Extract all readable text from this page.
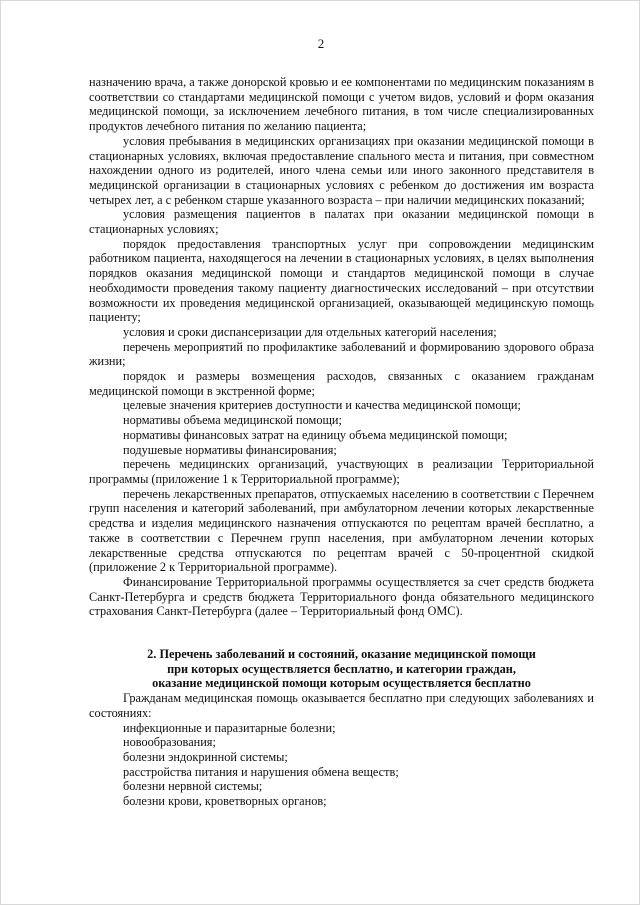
2

назначению врача, а также донорской кровью и ее компонентами по медицинским показаниям в соответствии со стандартами медицинской помощи с учетом видов, условий и форм оказания медицинской помощи, за исключением лечебного питания, в том числе специализированных продуктов лечебного питания по желанию пациента;

условия пребывания в медицинских организациях при оказании медицинской помощи в стационарных условиях, включая предоставление спального места и питания, при совместном нахождении одного из родителей, иного члена семьи или иного законного представителя в медицинской организации в стационарных условиях с ребенком до достижения им возраста четырех лет, а с ребенком старше указанного возраста – при наличии медицинских показаний;

условия размещения пациентов в палатах при оказании медицинской помощи в стационарных условиях;

порядок предоставления транспортных услуг при сопровождении медицинским работником пациента, находящегося на лечении в стационарных условиях, в целях выполнения порядков оказания медицинской помощи и стандартов медицинской помощи в случае необходимости проведения такому пациенту диагностических исследований – при отсутствии возможности их проведения медицинской организацией, оказывающей медицинскую помощь пациенту;

условия и сроки диспансеризации для отдельных категорий населения;

перечень мероприятий по профилактике заболеваний и формированию здорового образа жизни;

порядок и размеры возмещения расходов, связанных с оказанием гражданам медицинской помощи в экстренной форме;

целевые значения критериев доступности и качества медицинской помощи;

нормативы объема медицинской помощи;

нормативы финансовых затрат на единицу объема медицинской помощи;

подушевые нормативы финансирования;

перечень медицинских организаций, участвующих в реализации Территориальной программы (приложение 1 к Территориальной программе);

перечень лекарственных препаратов, отпускаемых населению в соответствии с Перечнем групп населения и категорий заболеваний, при амбулаторном лечении которых лекарственные средства и изделия медицинского назначения отпускаются по рецептам врачей бесплатно, а также в соответствии с Перечнем групп населения, при амбулаторном лечении которых лекарственные средства отпускаются по рецептам врачей с 50-процентной скидкой (приложение 2 к Территориальной программе).

Финансирование Территориальной программы осуществляется за счет средств бюджета Санкт-Петербурга и средств бюджета Территориального фонда обязательного медицинского страхования Санкт-Петербурга (далее – Территориальный фонд ОМС).

2. Перечень заболеваний и состояний, оказание медицинской помощи
при которых осуществляется бесплатно, и категории граждан,
оказание медицинской помощи которым осуществляется бесплатно

Гражданам медицинская помощь оказывается бесплатно при следующих заболеваниях и состояниях:

инфекционные и паразитарные болезни;

новообразования;

болезни эндокринной системы;

расстройства питания и нарушения обмена веществ;

болезни нервной системы;

болезни крови, кроветворных органов;
